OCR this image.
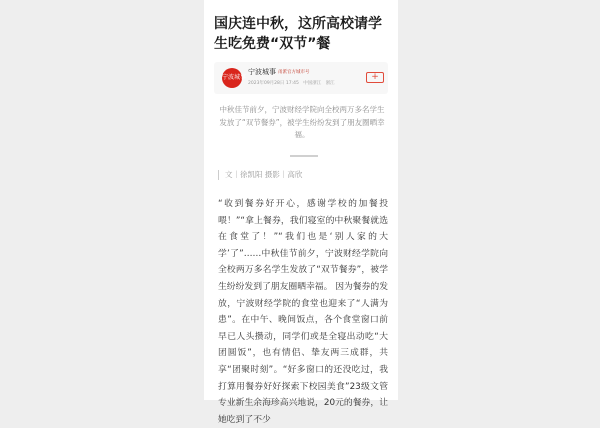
国庆连中秋，这所高校请学生吃免费“双节”餐
宁波城事
宁波城事 甬派官方城市号
2023年09月28日 17:45 中国浙江 浙江
+
中秋佳节前夕，宁波财经学院向全校两万多名学生发放了“双节餐券”，被学生纷纷发到了朋友圈晒幸福。
文｜徐凯阳 摄影｜高欣

“收到餐券好开心，感谢学校的加餐投喂！”“拿上餐券，我们寝室的中秋聚餐就选在食堂了！”“我们也是‘别人家的大学’了”……中秋佳节前夕，宁波财经学院向全校两万多名学生发放了“双节餐券”，被学生纷纷发到了朋友圈晒幸福。 因为餐券的发放，宁波财经学院的食堂也迎来了“人满为患”。在中午、晚间饭点，各个食堂窗口前早已人头攒动，同学们或是全寝出动吃“大团圆饭”，也有情侣、挚友两三成群，共享“团聚时刻”。“好多窗口的还没吃过，我打算用餐券好好探索下校园美食”23级文管专业新生余海珍高兴地说，20元的餐券，让她吃到了不少
